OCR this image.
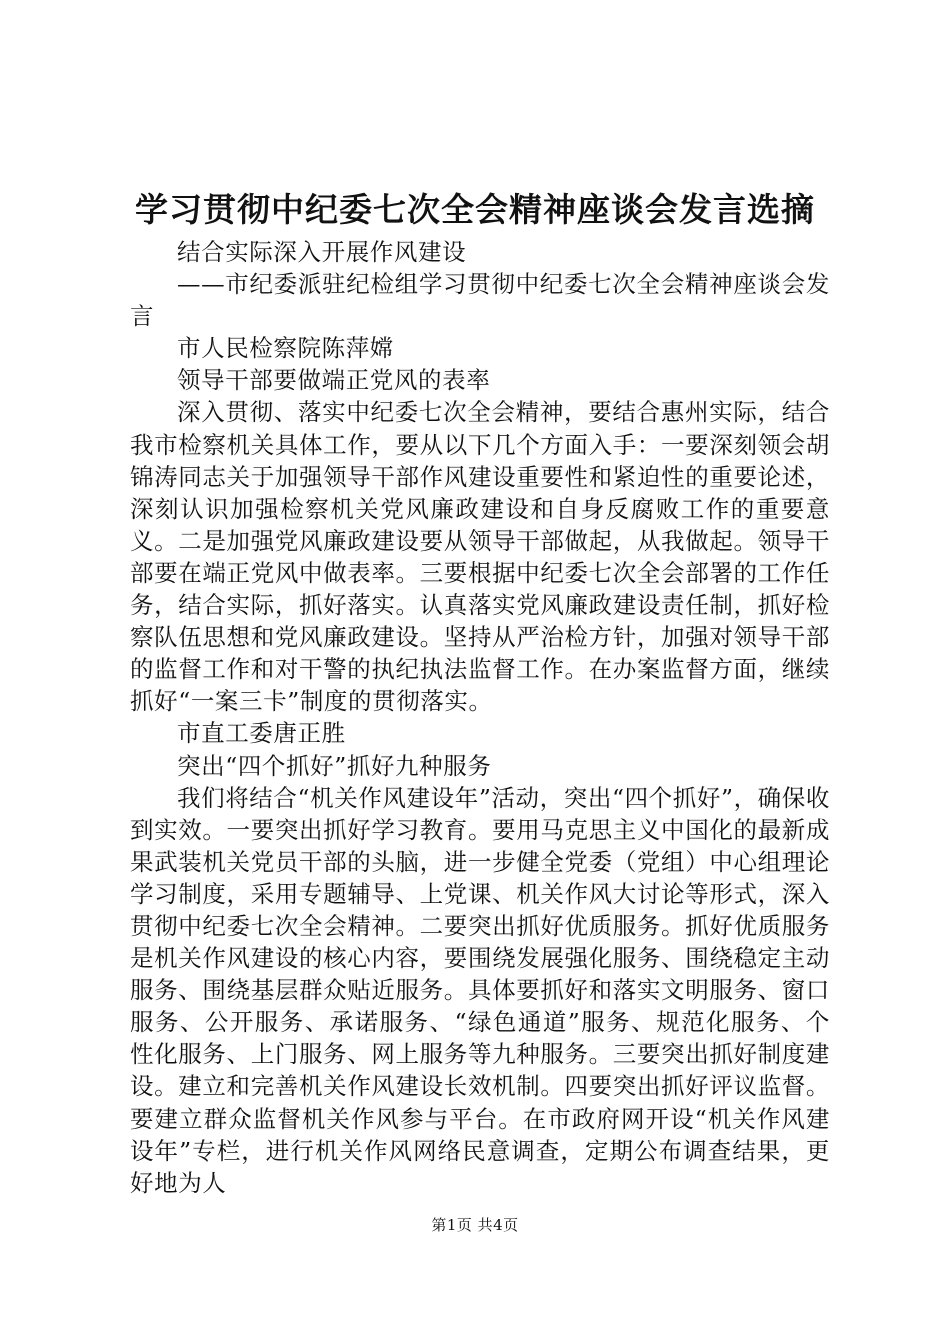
学习贯彻中纪委七次全会精神座谈会发言选摘

结合实际深入开展作风建设

——市纪委派驻纪检组学习贯彻中纪委七次全会精神座谈会发言

市人民检察院陈萍嫦

领导干部要做端正党风的表率

深入贯彻、落实中纪委七次全会精神，要结合惠州实际，结合我市检察机关具体工作，要从以下几个方面入手：一要深刻领会胡锦涛同志关于加强领导干部作风建设重要性和紧迫性的重要论述，深刻认识加强检察机关党风廉政建设和自身反腐败工作的重要意义。二是加强党风廉政建设要从领导干部做起，从我做起。领导干部要在端正党风中做表率。三要根据中纪委七次全会部署的工作任务，结合实际，抓好落实。认真落实党风廉政建设责任制，抓好检察队伍思想和党风廉政建设。坚持从严治检方针，加强对领导干部的监督工作和对干警的执纪执法监督工作。在办案监督方面，继续抓好“一案三卡”制度的贯彻落实。

市直工委唐正胜

突出“四个抓好”抓好九种服务

我们将结合“机关作风建设年”活动，突出“四个抓好”，确保收到实效。一要突出抓好学习教育。要用马克思主义中国化的最新成果武装机关党员干部的头脑，进一步健全党委（党组）中心组理论学习制度，采用专题辅导、上党课、机关作风大讨论等形式，深入贯彻中纪委七次全会精神。二要突出抓好优质服务。抓好优质服务是机关作风建设的核心内容，要围绕发展强化服务、围绕稳定主动服务、围绕基层群众贴近服务。具体要抓好和落实文明服务、窗口服务、公开服务、承诺服务、“绿色通道”服务、规范化服务、个性化服务、上门服务、网上服务等九种服务。三要突出抓好制度建设。建立和完善机关作风建设长效机制。四要突出抓好评议监督。要建立群众监督机关作风参与平台。在市政府网开设“机关作风建设年”专栏，进行机关作风网络民意调查，定期公布调查结果，更好地为人

第1页 共4页
